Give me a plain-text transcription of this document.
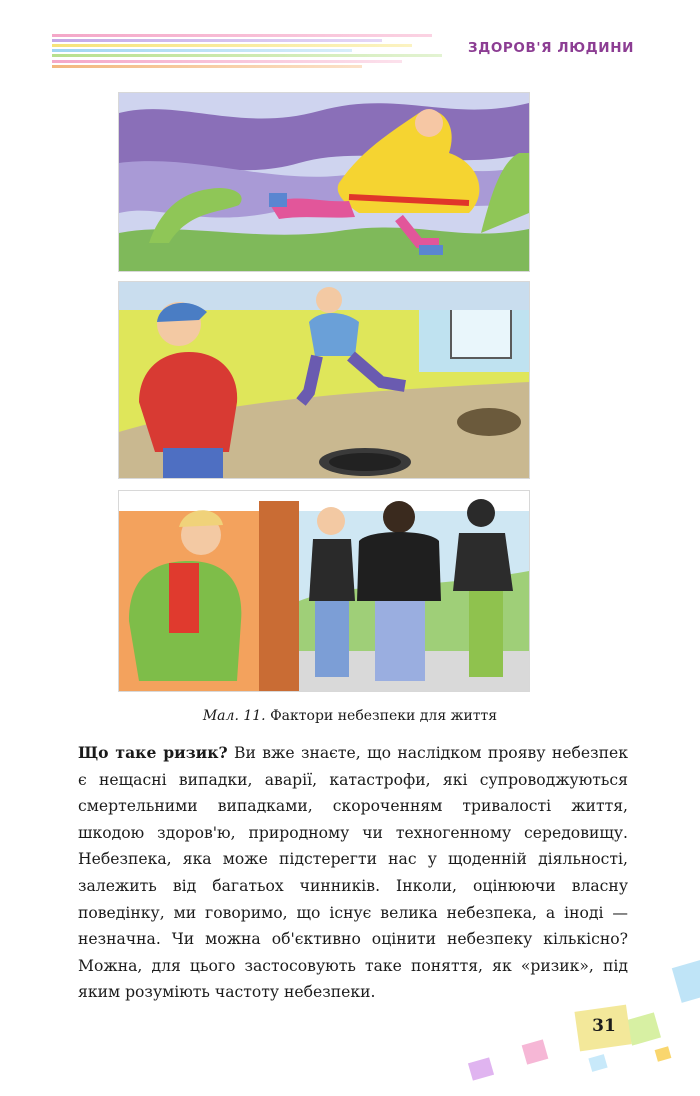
ЗДОРОВ'Я ЛЮДИНИ
Мал. 11. Фактори небезпеки для життя
Що таке ризик? Ви вже знаєте, що наслідком прояву небезпек є нещасні випадки, аварії, катастрофи, які супроводжуються смертельними випадками, скороченням тривалості життя, шкодою здоров'ю, природному чи техногенному середовищу. Небезпека, яка може підстерегти нас у щоденній діяльності, залежить від багатьох чинників. Інколи, оцінюючи власну поведінку, ми говоримо, що існує велика небезпека, а іноді — незначна. Чи можна об'єктивно оцінити небезпеку кількісно? Можна, для цього застосовують таке поняття, як «ризик», під яким розуміють частоту небезпеки.
31
